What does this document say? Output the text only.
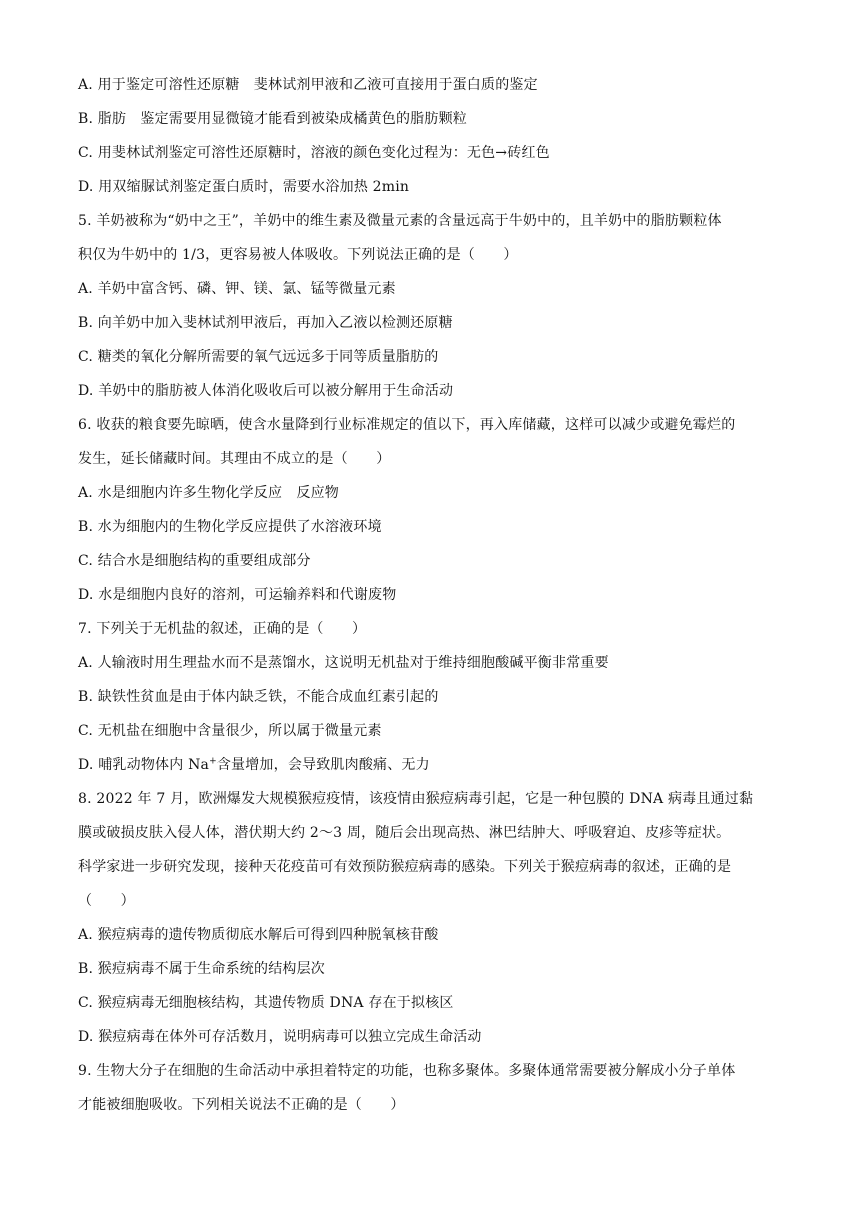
A. 用于鉴定可溶性还原糖　斐林试剂甲液和乙液可直接用于蛋白质的鉴定
B. 脂肪　鉴定需要用显微镜才能看到被染成橘黄色的脂肪颗粒
C. 用斐林试剂鉴定可溶性还原糖时，溶液的颜色变化过程为：无色→砖红色
D. 用双缩脲试剂鉴定蛋白质时，需要水浴加热 2min
5. 羊奶被称为“奶中之王”，羊奶中的维生素及微量元素的含量远高于牛奶中的，且羊奶中的脂肪颗粒体
积仅为牛奶中的 1/3，更容易被人体吸收。下列说法正确的是（　　）
A. 羊奶中富含钙、磷、钾、镁、氯、锰等微量元素
B. 向羊奶中加入斐林试剂甲液后，再加入乙液以检测还原糖
C. 糖类的氧化分解所需要的氧气远远多于同等质量脂肪的
D. 羊奶中的脂肪被人体消化吸收后可以被分解用于生命活动
6. 收获的粮食要先晾晒，使含水量降到行业标准规定的值以下，再入库储藏，这样可以减少或避免霉烂的
发生，延长储藏时间。其理由不成立的是（　　）
A. 水是细胞内许多生物化学反应　反应物
B. 水为细胞内的生物化学反应提供了水溶液环境
C. 结合水是细胞结构的重要组成部分
D. 水是细胞内良好的溶剂，可运输养料和代谢废物
7. 下列关于无机盐的叙述，正确的是（　　）
A. 人输液时用生理盐水而不是蒸馏水，这说明无机盐对于维持细胞酸碱平衡非常重要
B. 缺铁性贫血是由于体内缺乏铁，不能合成血红素引起的
C. 无机盐在细胞中含量很少，所以属于微量元素
D. 哺乳动物体内 Na+含量增加，会导致肌肉酸痛、无力
8. 2022 年 7 月，欧洲爆发大规模猴痘疫情，该疫情由猴痘病毒引起，它是一种包膜的 DNA 病毒且通过黏
膜或破损皮肤入侵人体，潜伏期大约 2～3 周，随后会出现高热、淋巴结肿大、呼吸窘迫、皮疹等症状。
科学家进一步研究发现，接种天花疫苗可有效预防猴痘病毒的感染。下列关于猴痘病毒的叙述，正确的是
（　　）
A. 猴痘病毒的遗传物质彻底水解后可得到四种脱氧核苷酸
B. 猴痘病毒不属于生命系统的结构层次
C. 猴痘病毒无细胞核结构，其遗传物质 DNA 存在于拟核区
D. 猴痘病毒在体外可存活数月，说明病毒可以独立完成生命活动
9. 生物大分子在细胞的生命活动中承担着特定的功能，也称多聚体。多聚体通常需要被分解成小分子单体
才能被细胞吸收。下列相关说法不正确的是（　　）
